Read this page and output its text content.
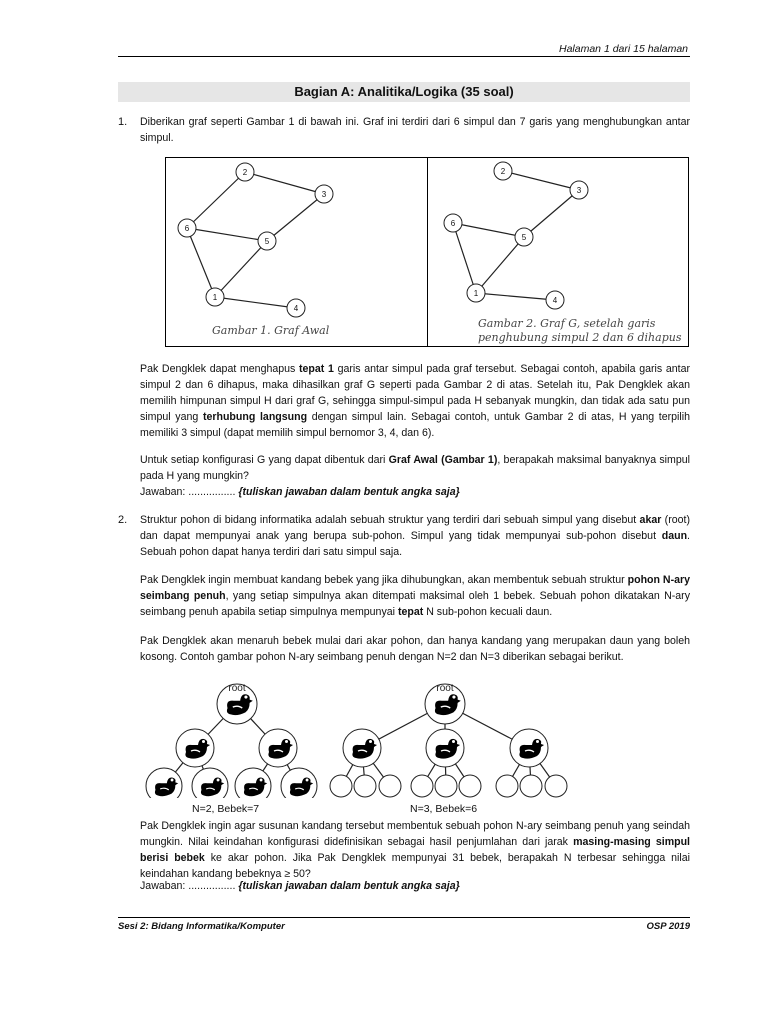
Halaman 1 dari 15 halaman
Bagian A: Analitika/Logika (35 soal)
1. Diberikan graf seperti Gambar 1 di bawah ini. Graf ini terdiri dari 6 simpul dan 7 garis yang menghubungkan antar simpul.
2
3
6
5
1
4
Gambar 1. Graf Awal
2
3
6
5
1
4
Gambar 2. Graf G, setelah garis
penghubung simpul 2 dan 6 dihapus
Pak Dengklek dapat menghapus tepat 1 garis antar simpul pada graf tersebut. Sebagai contoh, apabila garis antar simpul 2 dan 6 dihapus, maka dihasilkan graf G seperti pada Gambar 2 di atas. Setelah itu, Pak Dengklek akan memilih himpunan simpul H dari graf G, sehingga simpul-simpul pada H sebanyak mungkin, dan tidak ada satu pun simpul yang terhubung langsung dengan simpul lain. Sebagai contoh, untuk Gambar 2 di atas, H yang terpilih memiliki 3 simpul (dapat memilih simpul bernomor 3, 4, dan 6).
Untuk setiap konfigurasi G yang dapat dibentuk dari Graf Awal (Gambar 1), berapakah maksimal banyaknya simpul pada H yang mungkin?
Jawaban: ................ {tuliskan jawaban dalam bentuk angka saja}
2. Struktur pohon di bidang informatika adalah sebuah struktur yang terdiri dari sebuah simpul yang disebut akar (root) dan dapat mempunyai anak yang berupa sub-pohon. Simpul yang tidak mempunyai sub-pohon disebut daun. Sebuah pohon dapat hanya terdiri dari satu simpul saja.
Pak Dengklek ingin membuat kandang bebek yang jika dihubungkan, akan membentuk sebuah struktur pohon N-ary seimbang penuh, yang setiap simpulnya akan ditempati maksimal oleh 1 bebek. Sebuah pohon dikatakan N-ary seimbang penuh apabila setiap simpulnya mempunyai tepat N sub-pohon kecuali daun.
Pak Dengklek akan menaruh bebek mulai dari akar pohon, dan hanya kandang yang merupakan daun yang boleh kosong. Contoh gambar pohon N-ary seimbang penuh dengan N=2 dan N=3 diberikan sebagai berikut.
root	root
N=2, Bebek=7	N=3, Bebek=6
Pak Dengklek ingin agar susunan kandang tersebut membentuk sebuah pohon N-ary seimbang penuh yang seindah mungkin. Nilai keindahan konfigurasi didefinisikan sebagai hasil penjumlahan dari jarak masing-masing simpul berisi bebek ke akar pohon. Jika Pak Dengklek mempunyai 31 bebek, berapakah N terbesar sehingga nilai keindahan kandang bebeknya ≥ 50?
Jawaban: ................ {tuliskan jawaban dalam bentuk angka saja}
Sesi 2: Bidang Informatika/Komputer	OSP 2019
